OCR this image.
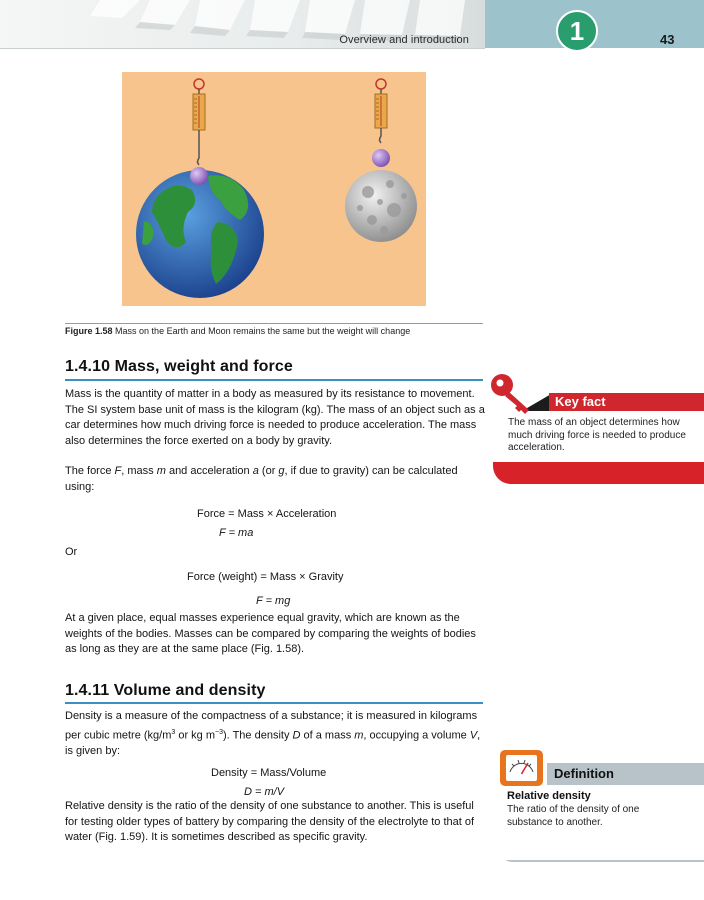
Overview and introduction	1	43
Figure 1.58 Mass on the Earth and Moon remains the same but the weight will change
1.4.10 Mass, weight and force
Mass is the quantity of matter in a body as measured by its resistance to movement. The SI system base unit of mass is the kilogram (kg). The mass of an object such as a car determines how much driving force is needed to produce acceleration. The mass also determines the force exerted on a body by gravity.
The force F, mass m and acceleration a (or g, if due to gravity) can be calculated using:
Force = Mass × Acceleration
F = ma
Or
Force (weight) = Mass × Gravity
F = mg
At a given place, equal masses experience equal gravity, which are known as the weights of the bodies. Masses can be compared by comparing the weights of bodies as long as they are at the same place (Fig. 1.58).
1.4.11 Volume and density
Density is a measure of the compactness of a substance; it is measured in kilograms per cubic metre ($kg/m^3$ or kg $m^{-3}$). The density D of a mass m, occupying a volume V, is given by:
Density = Mass/Volume
D = m/V
Relative density is the ratio of the density of one substance to another. This is useful for testing older types of battery by comparing the density of the electrolyte to that of water (Fig. 1.59). It is sometimes described as specific gravity.
Key fact
The mass of an object determines how much driving force is needed to produce acceleration.
Definition
Relative density
The ratio of the density of one substance to another.
